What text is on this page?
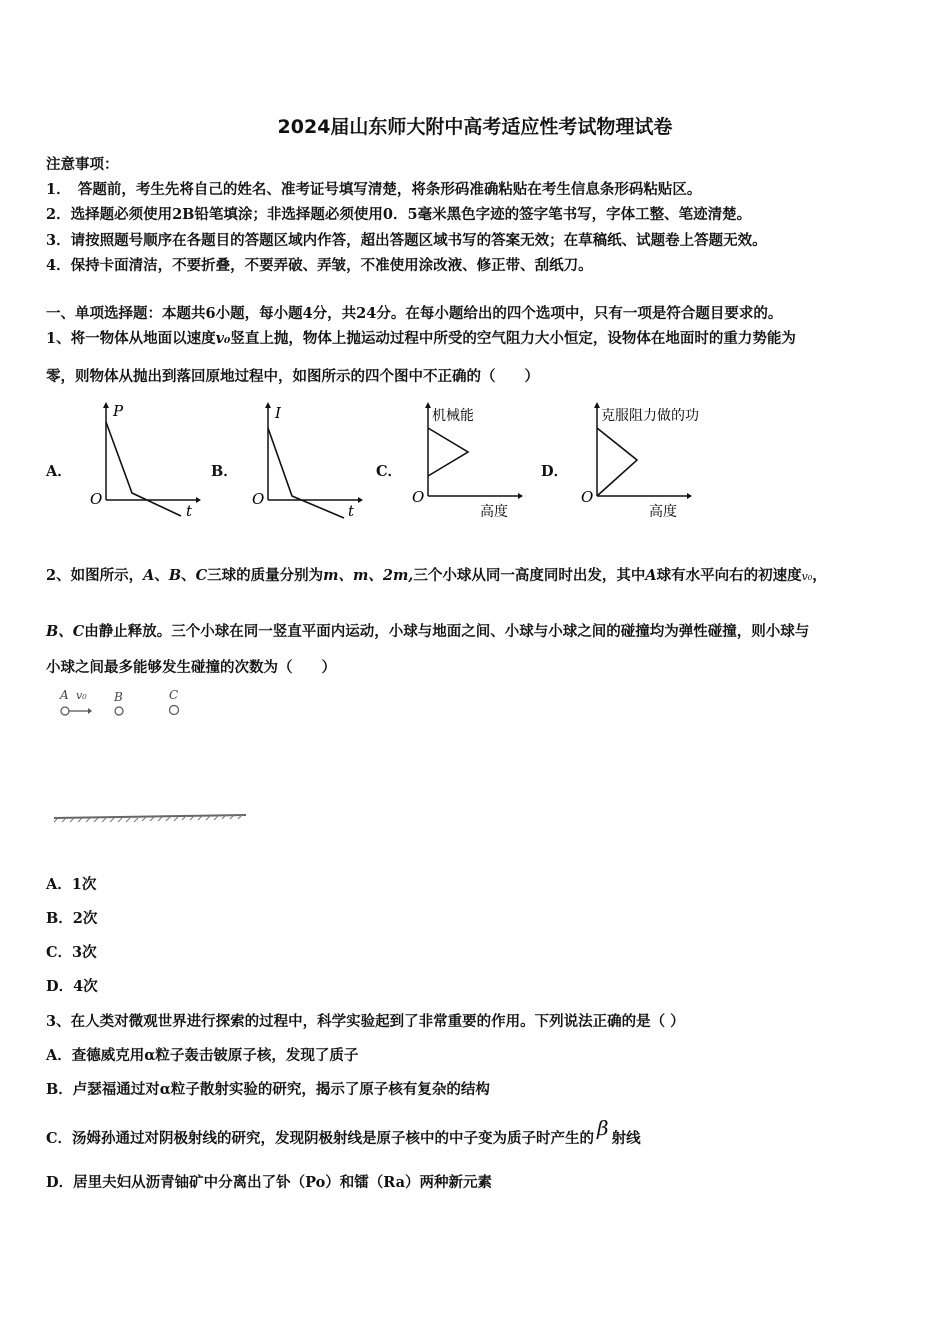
2024届山东师大附中高考适应性考试物理试卷
注意事项：
1．　答题前，考生先将自己的姓名、准考证号填写清楚，将条形码准确粘贴在考生信息条形码粘贴区。
2．选择题必须使用2B铅笔填涂；非选择题必须使用0．5毫米黑色字迹的签字笔书写，字体工整、笔迹清楚。
3．请按照题号顺序在各题目的答题区域内作答，超出答题区域书写的答案无效；在草稿纸、试题卷上答题无效。
4．保持卡面清洁，不要折叠，不要弄破、弄皱，不准使用涂改液、修正带、刮纸刀。
一、单项选择题：本题共6小题，每小题4分，共24分。在每小题给出的四个选项中，只有一项是符合题目要求的。
1、将一物体从地面以速度v₀竖直上抛，物体上抛运动过程中所受的空气阻力大小恒定，设物体在地面时的重力势能为
零，则物体从抛出到落回原地过程中，如图所示的四个图中不正确的（　　）
A．
P
t
O
B．
I
t
O
C．
机械能
高度
O
D．
克服阻力做的功
高度
O
2、如图所示，A、B、C三球的质量分别为m、m、2m,三个小球从同一高度同时出发，其中A球有水平向右的初速度v₀，
B、C由静止释放。三个小球在同一竖直平面内运动，小球与地面之间、小球与小球之间的碰撞均为弹性碰撞，则小球与
小球之间最多能够发生碰撞的次数为（　　）
A v₀ B	C
A．1次
B．2次
C．3次
D．4次
3、在人类对微观世界进行探索的过程中，科学实验起到了非常重要的作用。下列说法正确的是（ ）
A．查德威克用α粒子轰击铍原子核，发现了质子
B．卢瑟福通过对α粒子散射实验的研究，揭示了原子核有复杂的结构
C．汤姆孙通过对阴极射线的研究，发现阴极射线是原子核中的中子变为质子时产生的 β 射线
D．居里夫妇从沥青铀矿中分离出了钋（Po）和镭（Ra）两种新元素
